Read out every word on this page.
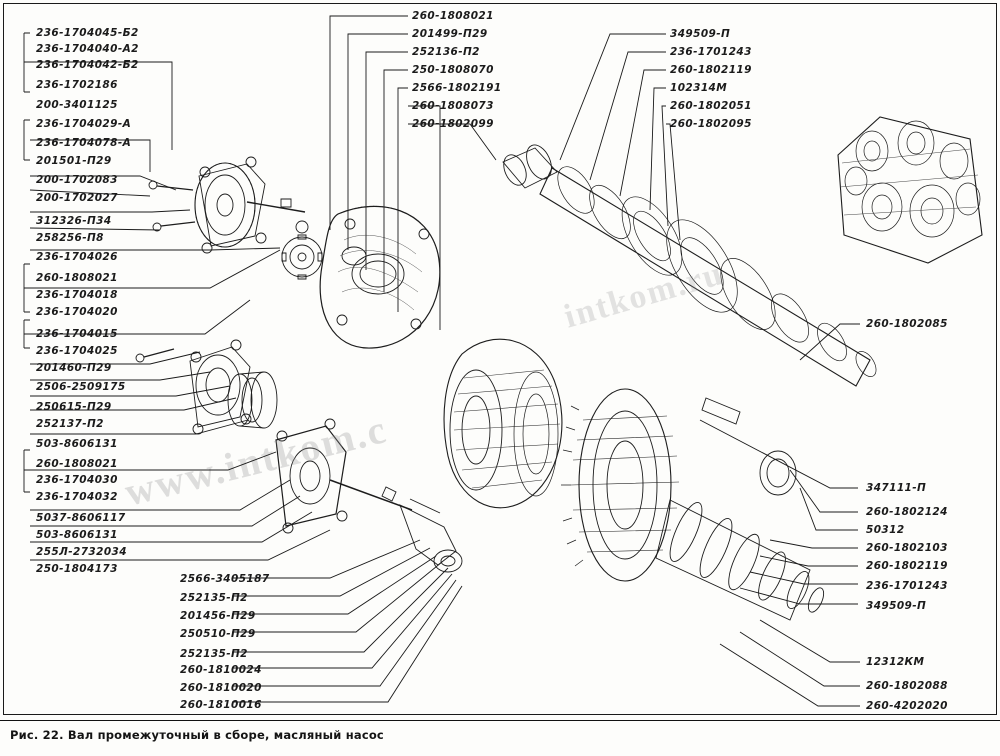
www.intkom.c
intkom.ru
236-1704045-Б2
236-1704040-А2
236-1704042-Б2
236-1702186
200-3401125
236-1704029-А
236-1704078-А
201501-П29
200-1702083
200-1702027
312326-П34
258256-П8
236-1704026
260-1808021
236-1704018
236-1704020
236-1704015
236-1704025
201460-П29
2506-2509175
250615-П29
252137-П2
503-8606131
260-1808021
236-1704030
236-1704032
5037-8606117
503-8606131
255Л-2732034
250-1804173
2566-3405187
252135-П2
201456-П29
250510-П29
252135-П2
260-1810024
260-1810020
260-1810016
260-1808021
201499-П29
252136-П2
250-1808070
2566-1802191
260-1808073
260-1802099
349509-П
236-1701243
260-1802119
102314М
260-1802051
260-1802095
260-1802085
347111-П
260-1802124
50312
260-1802103
260-1802119
236-1701243
349509-П
12312КМ
260-1802088
260-4202020
Рис. 22. Вал промежуточный в сборе, масляный насос
